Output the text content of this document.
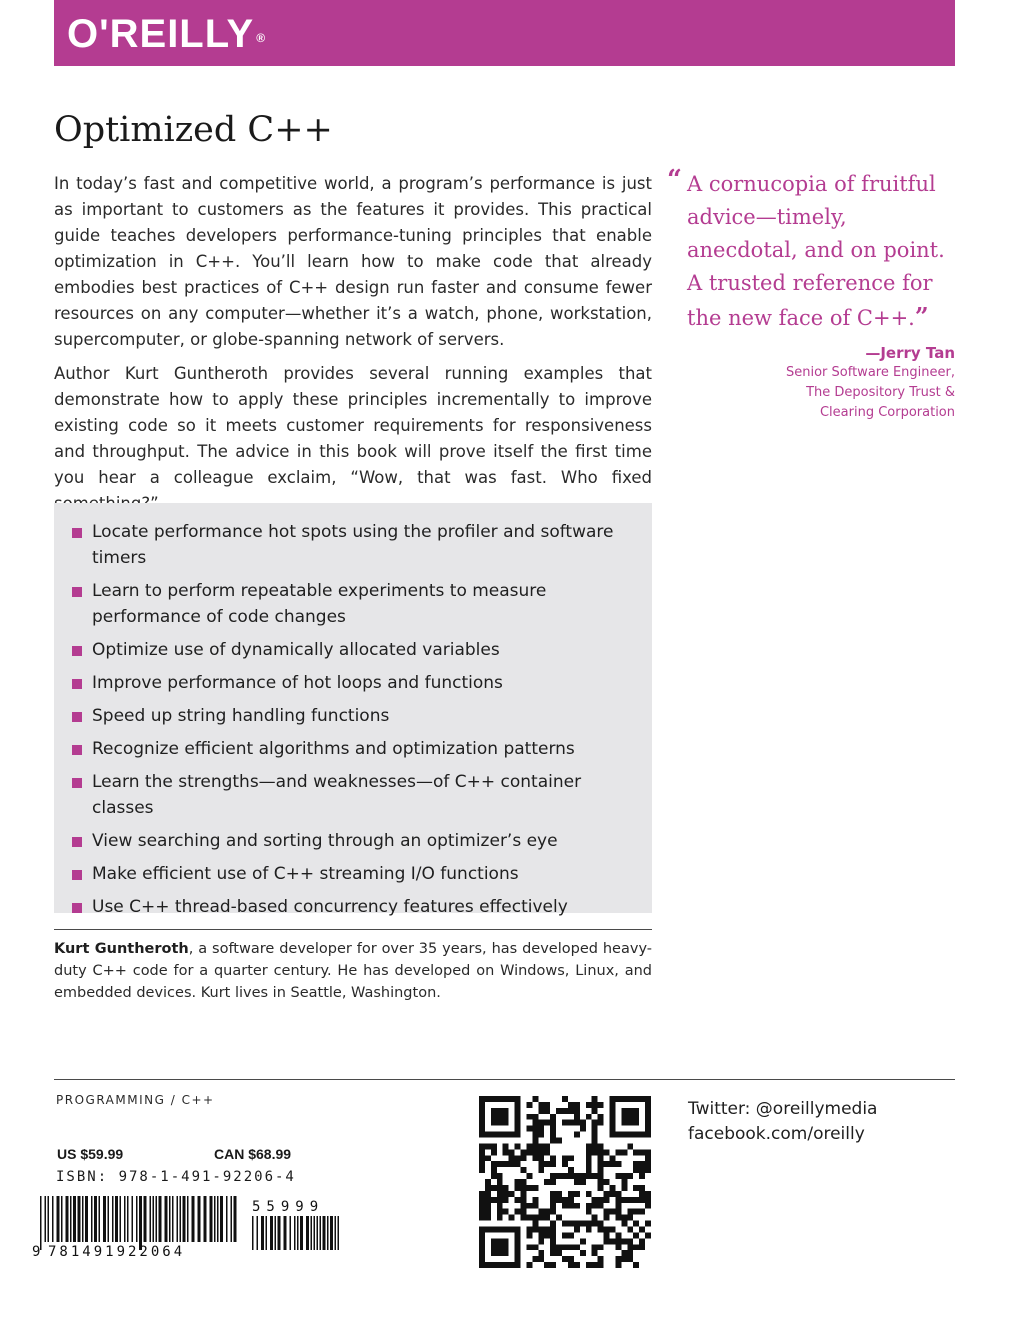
O'REILLY ®
Optimized C++

In today’s fast and competitive world, a program’s performance is just as important to customers as the features it provides. This practical guide teaches developers performance-tuning principles that enable optimization in C++. You’ll learn how to make code that already embodies best practices of C++ design run faster and consume fewer resources on any computer—whether it’s a watch, phone, workstation, supercomputer, or globe-spanning network of servers.

Author Kurt Guntheroth provides several running examples that demonstrate how to apply these principles incrementally to improve existing code so it meets customer requirements for responsiveness and throughput. The advice in this book will prove itself the first time you hear a colleague exclaim, “Wow, that was fast. Who fixed

“ A cornucopia of fruitful advice—timely, anecdotal, and on point. A trusted reference for the new face of C++.”

—Jerry Tan
Senior Software Engineer,
The Depository Trust &
Clearing Corporation
Locate performance hot spots using the profiler and software timers
Learn to perform repeatable experiments to measure performance of code changes
Optimize use of dynamically allocated variables
Improve performance of hot loops and functions
Speed up string handling functions
Recognize efficient algorithms and optimization patterns
Learn the strengths—and weaknesses—of C++ container classes
View searching and sorting through an optimizer’s eye
Make efficient use of C++ streaming I/O functions
Use C++ thread-based concurrency features effectively

Kurt Guntheroth, a software developer for over 35 years, has developed heavy-duty C++ code for a quarter century. He has developed on Windows, Linux, and embedded devices. Kurt lives in Seattle, Washington.

PROGRAMMING / C++
US $59.99	CAN $68.99
ISBN: 978-1-491-92206-4
9 781491922064
55999
Twitter: @oreillymedia
facebook.com/oreilly
